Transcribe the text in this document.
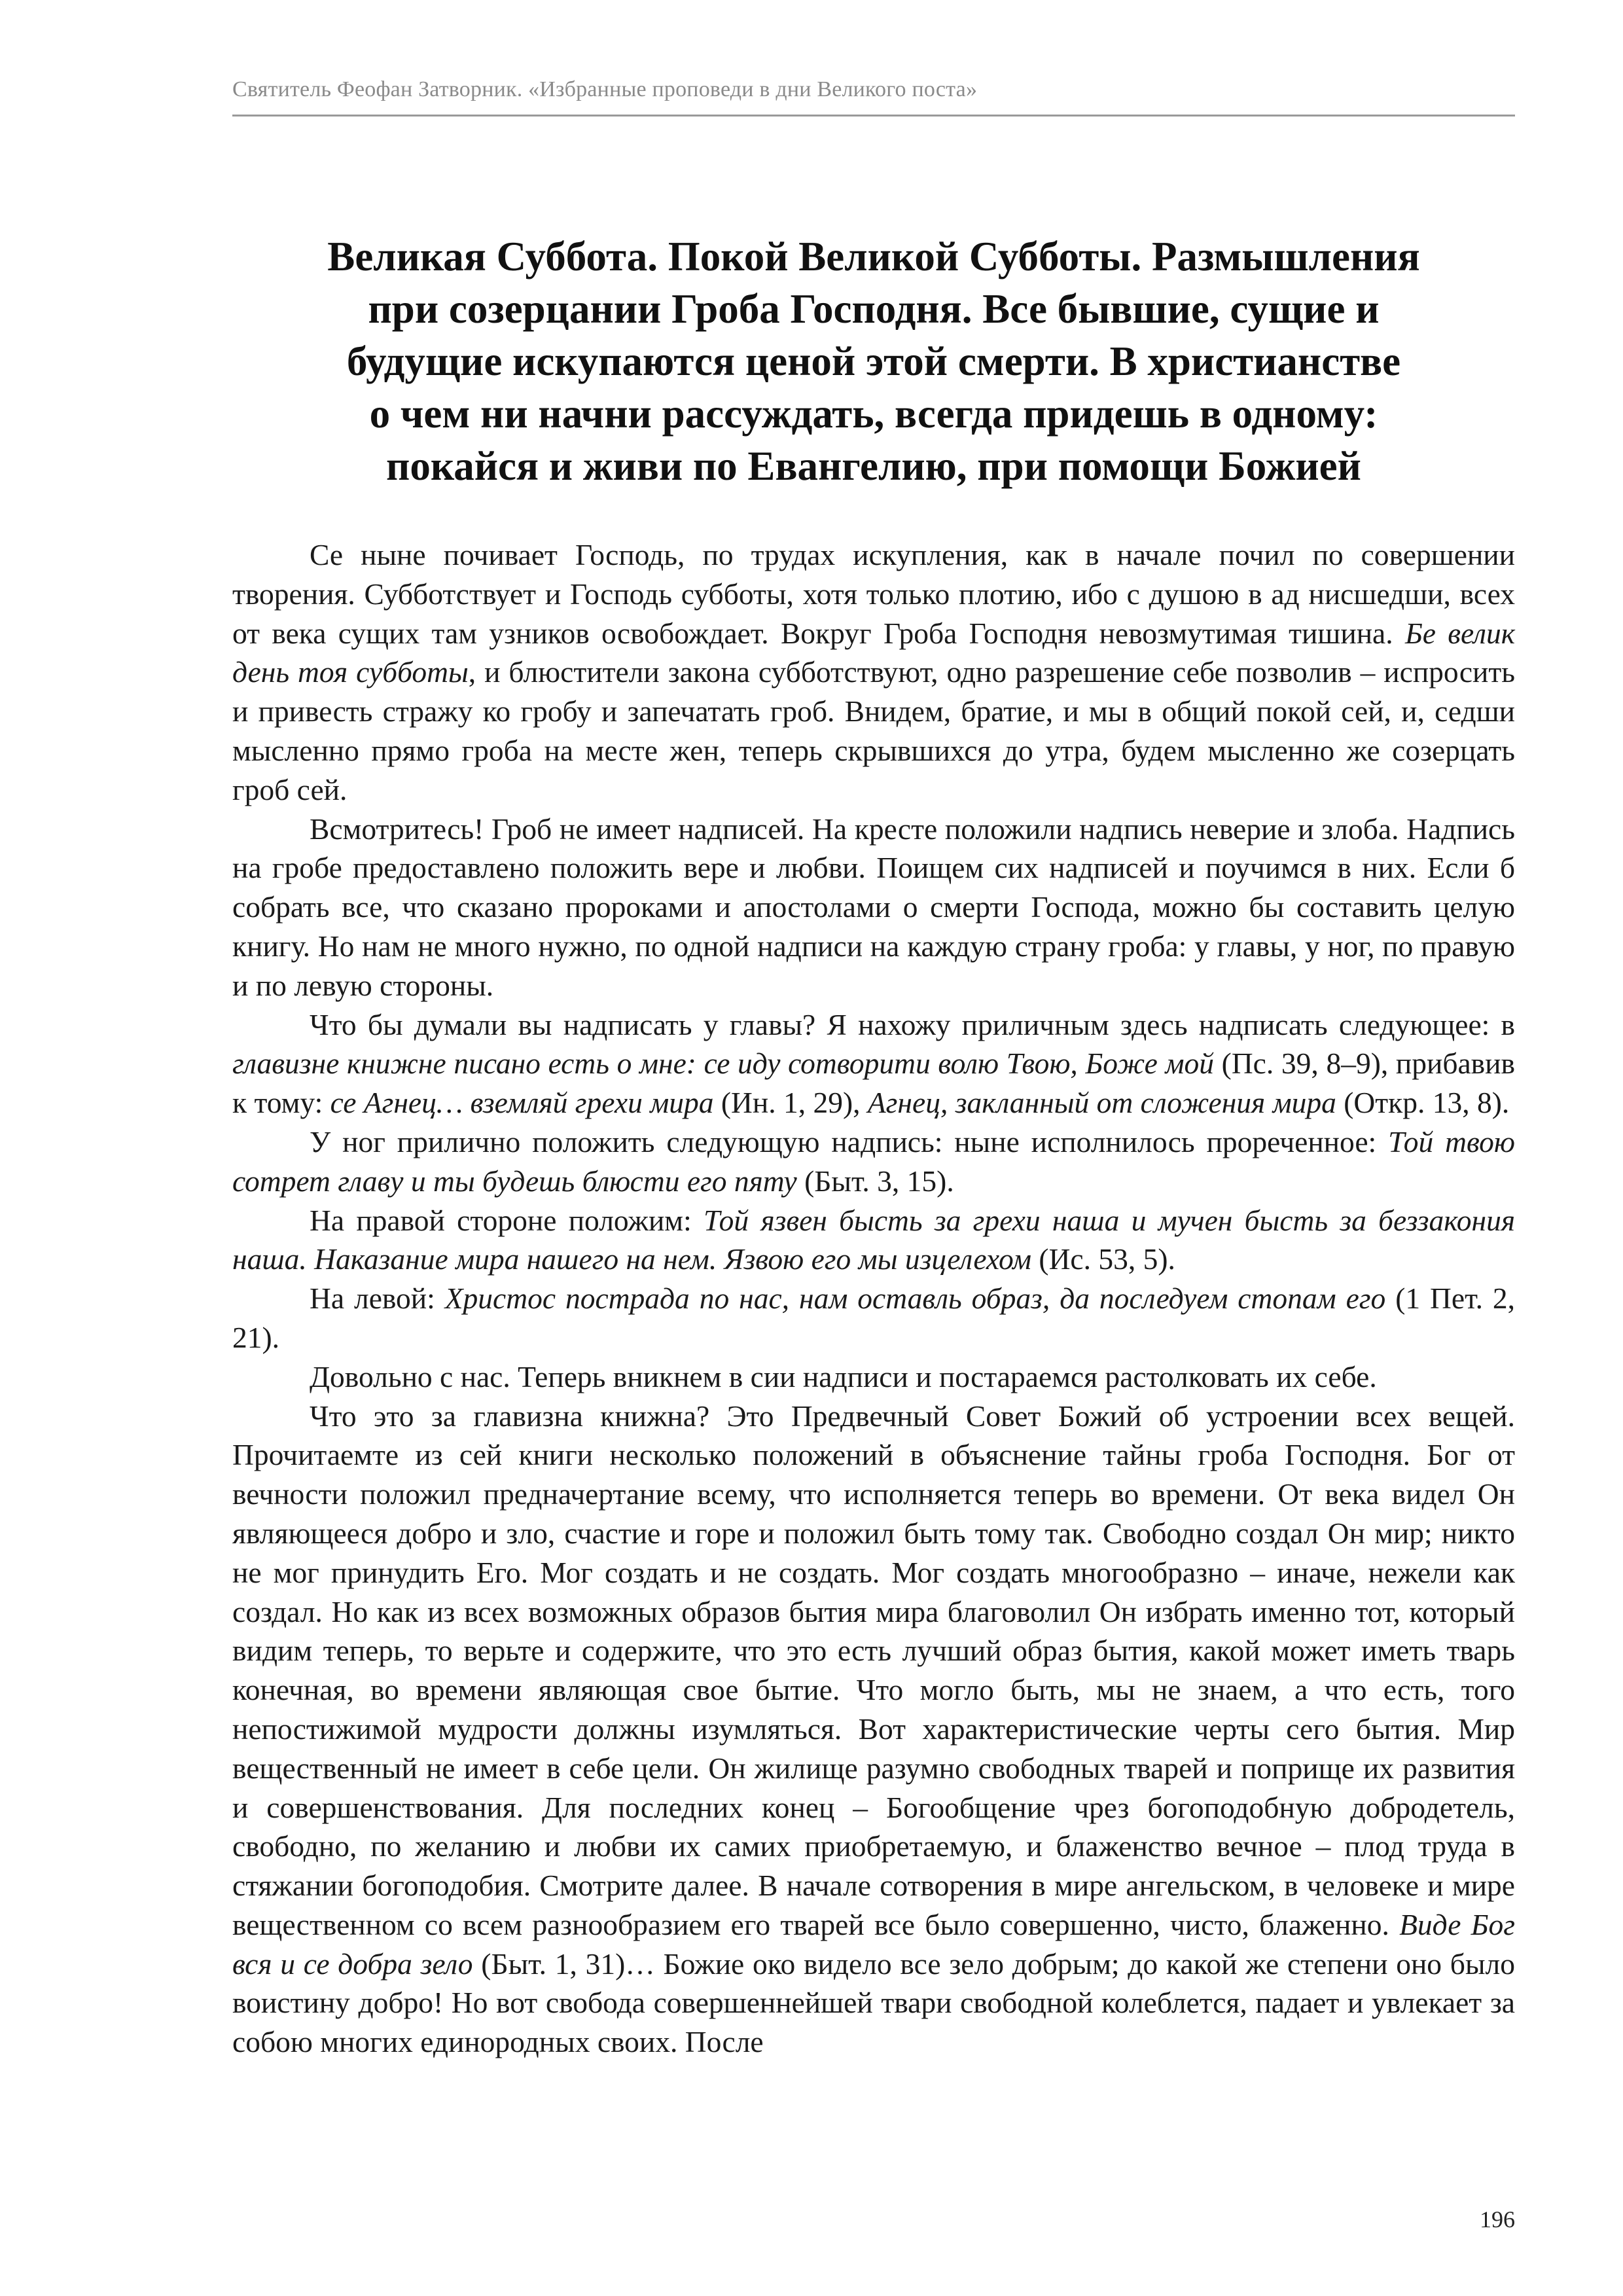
Святитель Феофан Затворник. «Избранные проповеди в дни Великого поста»
Великая Суббота. Покой Великой Субботы. Размышления
при созерцании Гроба Господня. Все бывшие, сущие и
будущие искупаются ценой этой смерти. В христианстве
о чем ни начни рассуждать, всегда придешь в одному:
покайся и живи по Евангелию, при помощи Божией

Се ныне почивает Господь, по трудах искупления, как в начале почил по совершении творения. Субботствует и Господь субботы, хотя только плотию, ибо с душою в ад нисшедши, всех от века сущих там узников освобождает. Вокруг Гроба Господня невозмутимая тишина. Бе велик день тоя субботы, и блюстители закона субботствуют, одно разрешение себе позволив – испросить и привесть стражу ко гробу и запечатать гроб. Внидем, братие, и мы в общий покой сей, и, седши мысленно прямо гроба на месте жен, теперь скрывшихся до утра, будем мысленно же созерцать гроб сей.

Всмотритесь! Гроб не имеет надписей. На кресте положили надпись неверие и злоба. Надпись на гробе предоставлено положить вере и любви. Поищем сих надписей и поучимся в них. Если б собрать все, что сказано пророками и апостолами о смерти Господа, можно бы составить целую книгу. Но нам не много нужно, по одной надписи на каждую страну гроба: у главы, у ног, по правую и по левую стороны.

Что бы думали вы надписать у главы? Я нахожу приличным здесь надписать следующее: в главизне книжне писано есть о мне: се иду сотворити волю Твою, Боже мой (Пс. 39, 8–9), прибавив к тому: се Агнец… вземляй грехи мира (Ин. 1, 29), Агнец, закланный от сложения мира (Откр. 13, 8).

У ног прилично положить следующую надпись: ныне исполнилось прореченное: Той твою сотрет главу и ты будешь блюсти его пяту (Быт. 3, 15).

На правой стороне положим: Той язвен бысть за грехи наша и мучен бысть за беззакония наша. Наказание мира нашего на нем. Язвою его мы изцелехом (Ис. 53, 5).

На левой: Христос пострада по нас, нам оставль образ, да последуем стопам его (1 Пет. 2, 21).

Довольно с нас. Теперь вникнем в сии надписи и постараемся растолковать их себе.

Что это за главизна книжна? Это Предвечный Совет Божий об устроении всех вещей. Прочитаемте из сей книги несколько положений в объяснение тайны гроба Господня. Бог от вечности положил предначертание всему, что исполняется теперь во времени. От века видел Он являющееся добро и зло, счастие и горе и положил быть тому так. Свободно создал Он мир; никто не мог принудить Его. Мог создать и не создать. Мог создать многообразно – иначе, нежели как создал. Но как из всех возможных образов бытия мира благоволил Он избрать именно тот, который видим теперь, то верьте и содержите, что это есть лучший образ бытия, какой может иметь тварь конечная, во времени являющая свое бытие. Что могло быть, мы не знаем, а что есть, того непостижимой мудрости должны изумляться. Вот характеристические черты сего бытия. Мир вещественный не имеет в себе цели. Он жилище разумно свободных тварей и поприще их развития и совершенствования. Для последних конец – Богообщение чрез богоподобную добродетель, свободно, по желанию и любви их самих приобретаемую, и блаженство вечное – плод труда в стяжании богоподобия. Смотрите далее. В начале сотворения в мире ангельском, в человеке и мире вещественном со всем разнообразием его тварей все было совершенно, чисто, блаженно. Виде Бог вся и се добра зело (Быт. 1, 31)… Божие око видело все зело добрым; до какой же степени оно было воистину добро! Но вот свобода совершеннейшей твари свободной колеблется, падает и увлекает за собою многих единородных своих. После

196
